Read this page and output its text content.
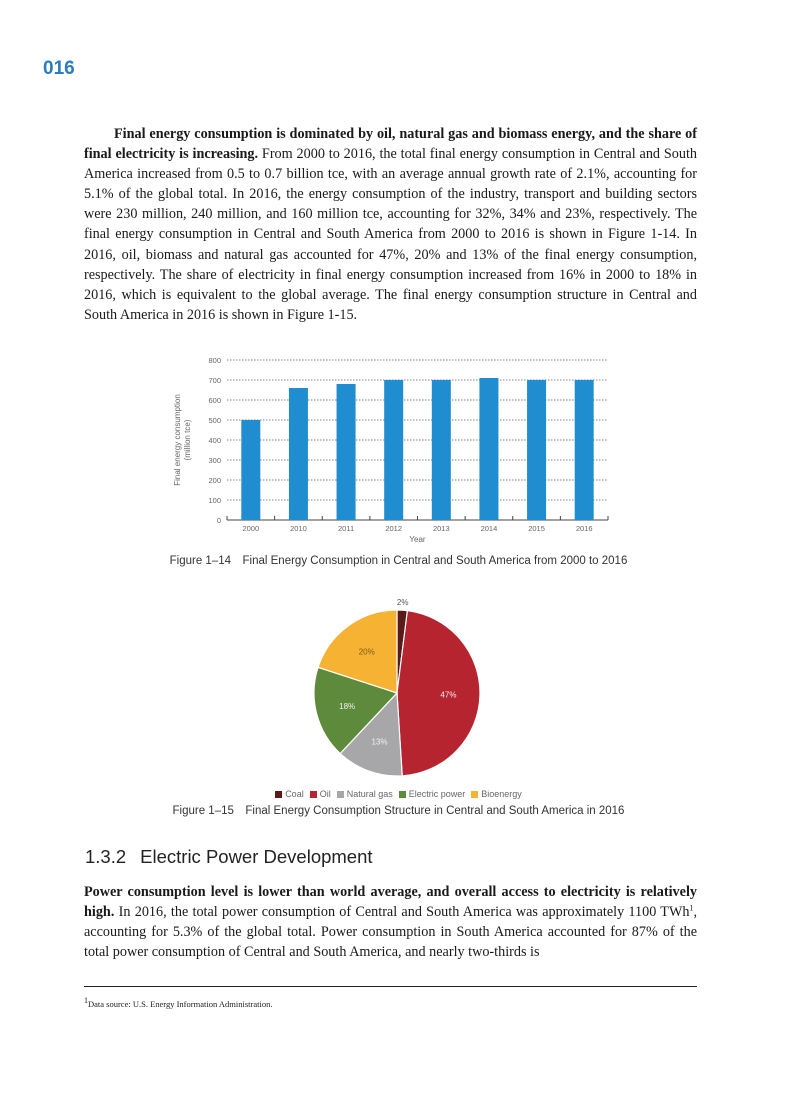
016
Final energy consumption is dominated by oil, natural gas and biomass energy, and the share of final electricity is increasing. From 2000 to 2016, the total final energy consumption in Central and South America increased from 0.5 to 0.7 billion tce, with an average annual growth rate of 2.1%, accounting for 5.1% of the global total. In 2016, the energy consumption of the industry, transport and building sectors were 230 million, 240 million, and 160 million tce, accounting for 32%, 34% and 23%, respectively. The final energy consumption in Central and South America from 2000 to 2016 is shown in Figure 1-14. In 2016, oil, biomass and natural gas accounted for 47%, 20% and 13% of the final energy consumption, respectively. The share of electricity in final energy consumption increased from 16% in 2000 to 18% in 2016, which is equivalent to the global average. The final energy consumption structure in Central and South America in 2016 is shown in Figure 1-15.
0
100
200
300
400
500
600
700
800
2000	2010	2011	2012	2013	2014	2015	2016
Year
Final energy consumption (million tce)
Figure 1‒14 Final Energy Consumption in Central and South America from 2000 to 2016
2%
47%
13%
18%
20%
Coal Oil Natural gas Electric power Bioenergy
Figure 1‒15 Final Energy Consumption Structure in Central and South America in 2016
1.3.2 Electric Power Development
Power consumption level is lower than world average, and overall access to electricity is relatively high. In 2016, the total power consumption of Central and South America was approximately 1100 TWh$^1$, accounting for 5.3% of the global total. Power consumption in South America accounted for 87% of the total power consumption of Central and South America, and nearly two-thirds is
$^1$Data source: U.S. Energy Information Administration.
